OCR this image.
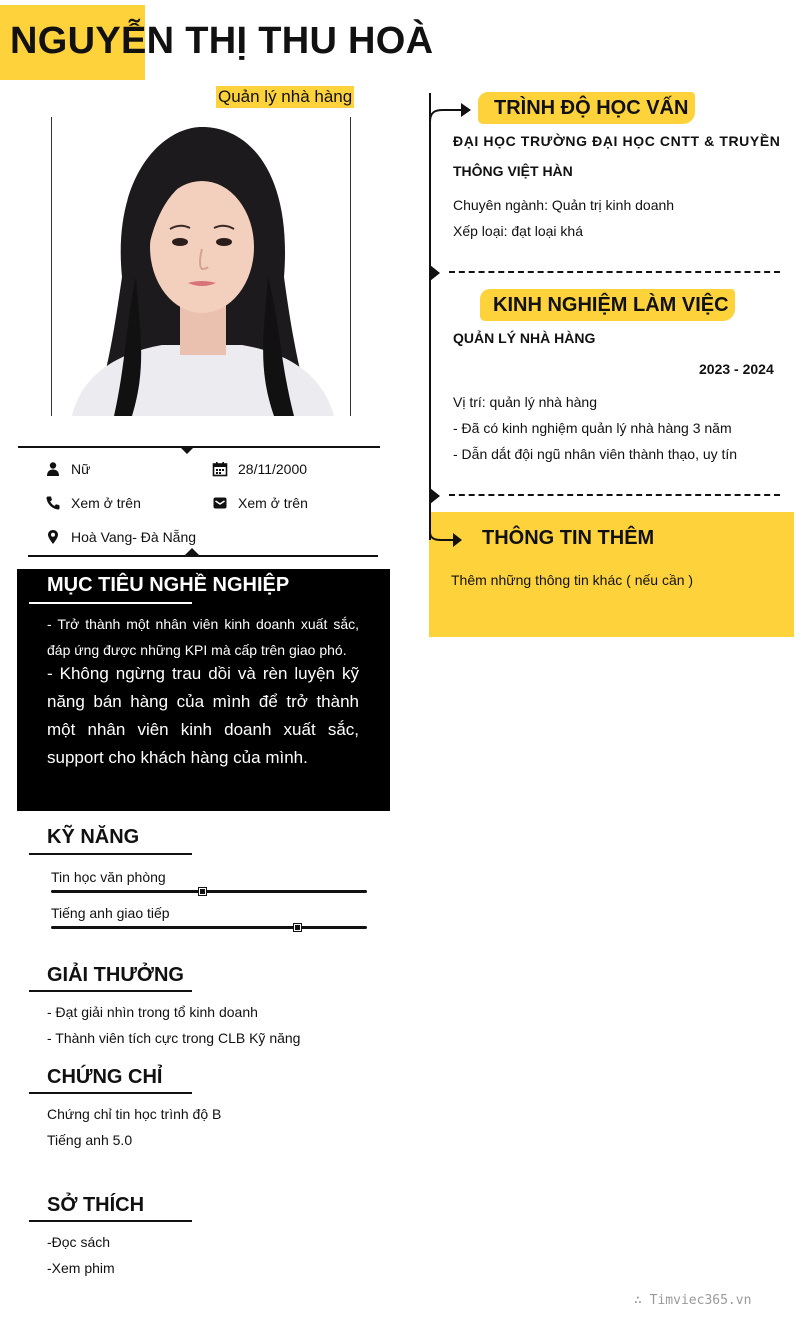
NGUYỄN THỊ THU HOÀ
Quản lý nhà hàng
Nữ	28/11/2000
Xem ở trên	Xem ở trên
Hoà Vang- Đà Nẵng
MỤC TIÊU NGHỀ NGHIỆP
- Trở thành một nhân viên kinh doanh xuất sắc, đáp ứng được những KPI mà cấp trên giao phó.
- Không ngừng trau dồi và rèn luyện kỹ năng bán hàng của mình để trở thành một nhân viên kinh doanh xuất sắc, support cho khách hàng của mình.
KỸ NĂNG
Tin học văn phòng
Tiếng anh giao tiếp
GIẢI THƯỞNG
- Đạt giải nhìn trong tổ kinh doanh
- Thành viên tích cực trong CLB Kỹ năng
CHỨNG CHỈ
Chứng chỉ tin học trình độ B
Tiếng anh 5.0
SỞ THÍCH
-Đọc sách
-Xem phim
TRÌNH ĐỘ HỌC VẤN
ĐẠI HỌC TRƯỜNG ĐẠI HỌC CNTT & TRUYỀN
THÔNG VIỆT HÀN
Chuyên ngành: Quản trị kinh doanh
Xếp loại: đạt loại khá
KINH NGHIỆM LÀM VIỆC
QUẢN LÝ NHÀ HÀNG
2023 - 2024
Vị trí: quản lý nhà hàng
- Đã có kinh nghiệm quản lý nhà hàng 3 năm
- Dẫn dắt đội ngũ nhân viên thành thạo, uy tín
THÔNG TIN THÊM
Thêm những thông tin khác ( nếu cần )
∴ Timviec365.vn
